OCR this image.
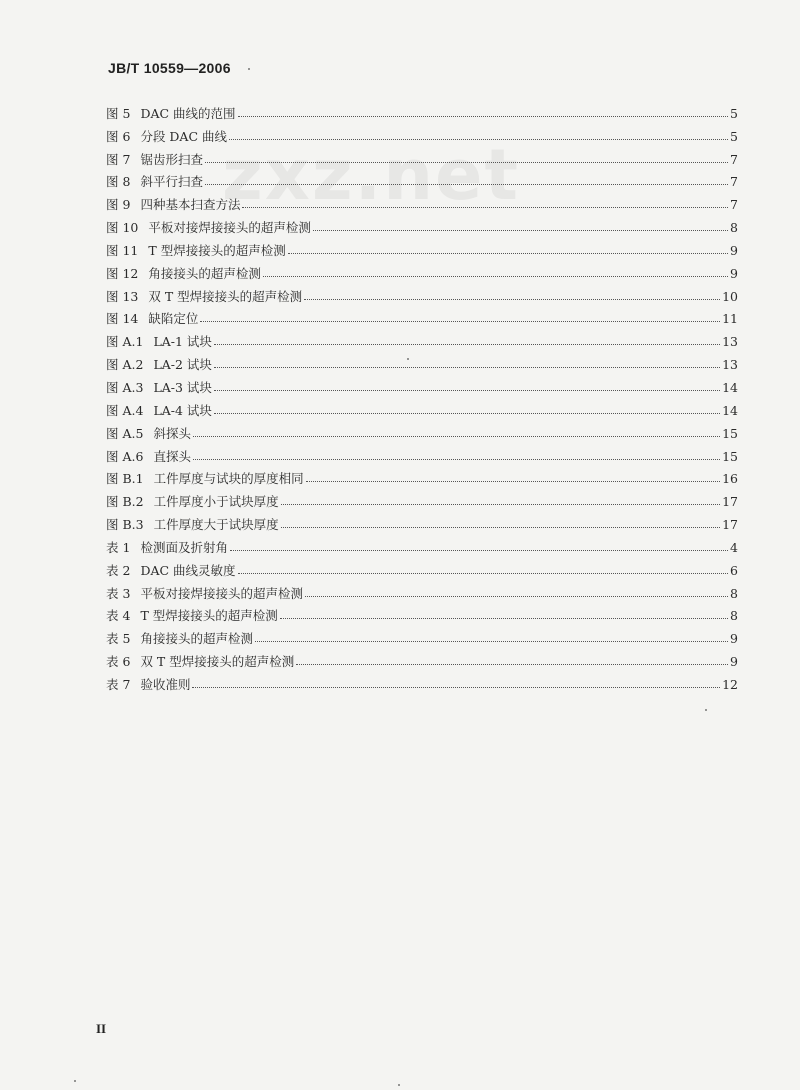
JB/T 10559—2006
zxz.net
图 5 DAC 曲线的范围	5
图 6 分段 DAC 曲线	5
图 7 锯齿形扫查	7
图 8 斜平行扫查	7
图 9 四种基本扫查方法	7
图 10 平板对接焊接接头的超声检测	8
图 11 T 型焊接接头的超声检测	9
图 12 角接接头的超声检测	9
图 13 双 T 型焊接接头的超声检测	10
图 14 缺陷定位	11
图 A.1 LA-1 试块	13
图 A.2 LA-2 试块	13
图 A.3 LA-3 试块	14
图 A.4 LA-4 试块	14
图 A.5 斜探头	15
图 A.6 直探头	15
图 B.1 工件厚度与试块的厚度相同	16
图 B.2 工件厚度小于试块厚度	17
图 B.3 工件厚度大于试块厚度	17
表 1 检测面及折射角	4
表 2 DAC 曲线灵敏度	6
表 3 平板对接焊接接头的超声检测	8
表 4 T 型焊接接头的超声检测	8
表 5 角接接头的超声检测	9
表 6 双 T 型焊接接头的超声检测	9
表 7 验收准则	12
II
